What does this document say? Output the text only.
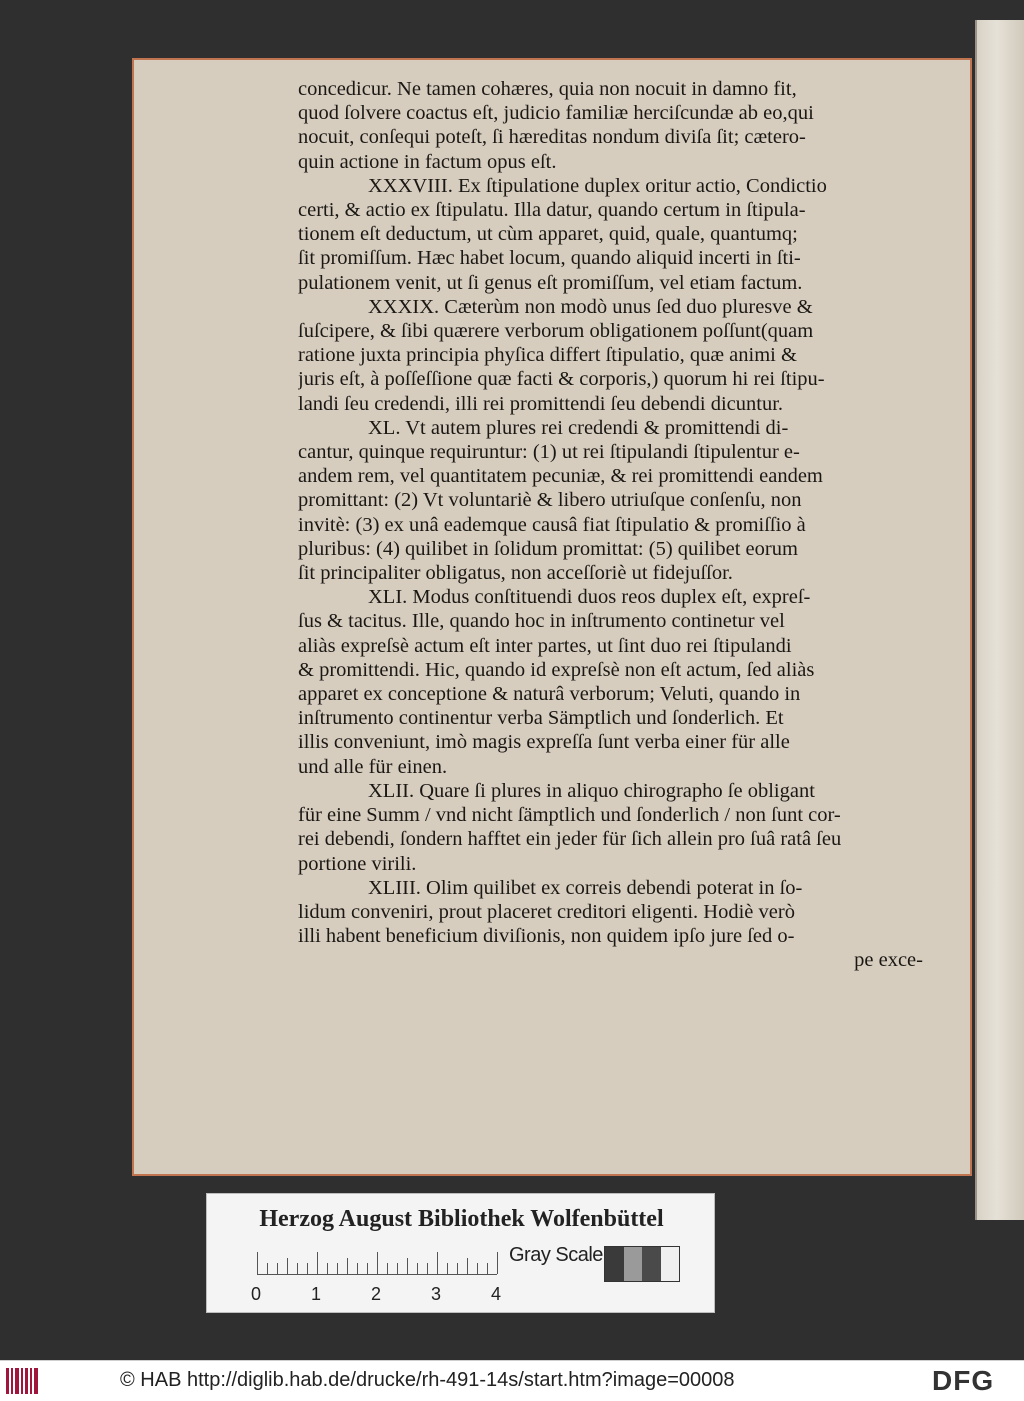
concedicur. Ne tamen cohæres, quia non nocuit in damno fit,
quod ſolvere coactus eſt, judicio familiæ herciſcundæ ab eo,qui
nocuit, conſequi poteſt, ſi hæreditas nondum diviſa ſit; cætero-
quin actione in factum opus eſt.
XXXVIII. Ex ſtipulatione duplex oritur actio, Condictio
certi, & actio ex ſtipulatu. Illa datur, quando certum in ſtipula-
tionem eſt deductum, ut cùm apparet, quid, quale, quantumq;
ſit promiſſum. Hæc habet locum, quando aliquid incerti in ſti-
pulationem venit, ut ſi genus eſt promiſſum, vel etiam factum.
XXXIX. Cæterùm non modò unus ſed duo pluresve &
ſuſcipere, & ſibi quærere verborum obligationem poſſunt(quam
ratione juxta principia phyſica differt ſtipulatio, quæ animi &
juris eſt, à poſſeſſione quæ facti & corporis,) quorum hi rei ſtipu-
landi ſeu credendi, illi rei promittendi ſeu debendi dicuntur.
XL. Vt autem plures rei credendi & promittendi di-
cantur, quinque requiruntur: (1) ut rei ſtipulandi ſtipulentur e-
andem rem, vel quantitatem pecuniæ, & rei promittendi eandem
promittant: (2) Vt voluntariè & libero utriuſque conſenſu, non
invitè: (3) ex unâ eademque causâ fiat ſtipulatio & promiſſio à
pluribus: (4) quilibet in ſolidum promittat: (5) quilibet eorum
ſit principaliter obligatus, non acceſſoriè ut fidejuſſor.
XLI. Modus conſtituendi duos reos duplex eſt, expreſ-
ſus & tacitus. Ille, quando hoc in inſtrumento continetur vel
aliàs expreſsè actum eſt inter partes, ut ſint duo rei ſtipulandi
& promittendi. Hic, quando id expreſsè non eſt actum, ſed aliàs
apparet ex conceptione & naturâ verborum; Veluti, quando in
inſtrumento continentur verba Sämptlich und ſonderlich. Et
illis conveniunt, imò magis expreſſa ſunt verba einer für alle
und alle für einen.
XLII. Quare ſi plures in aliquo chirographo ſe obligant
für eine Summ / vnd nicht ſämptlich und ſonderlich / non ſunt cor-
rei debendi, ſondern hafftet ein jeder für ſich allein pro ſuâ ratâ ſeu
portione virili.
XLIII. Olim quilibet ex correis debendi poterat in ſo-
lidum conveniri, prout placeret creditori eligenti. Hodiè verò
illi habent beneficium diviſionis, non quidem ipſo jure ſed o-
pe exce-
Herzog August Bibliothek Wolfenbüttel
0	1	2	3	4
Gray Scale
© HAB http://diglib.hab.de/drucke/rh-491-14s/start.htm?image=00008	DFG
